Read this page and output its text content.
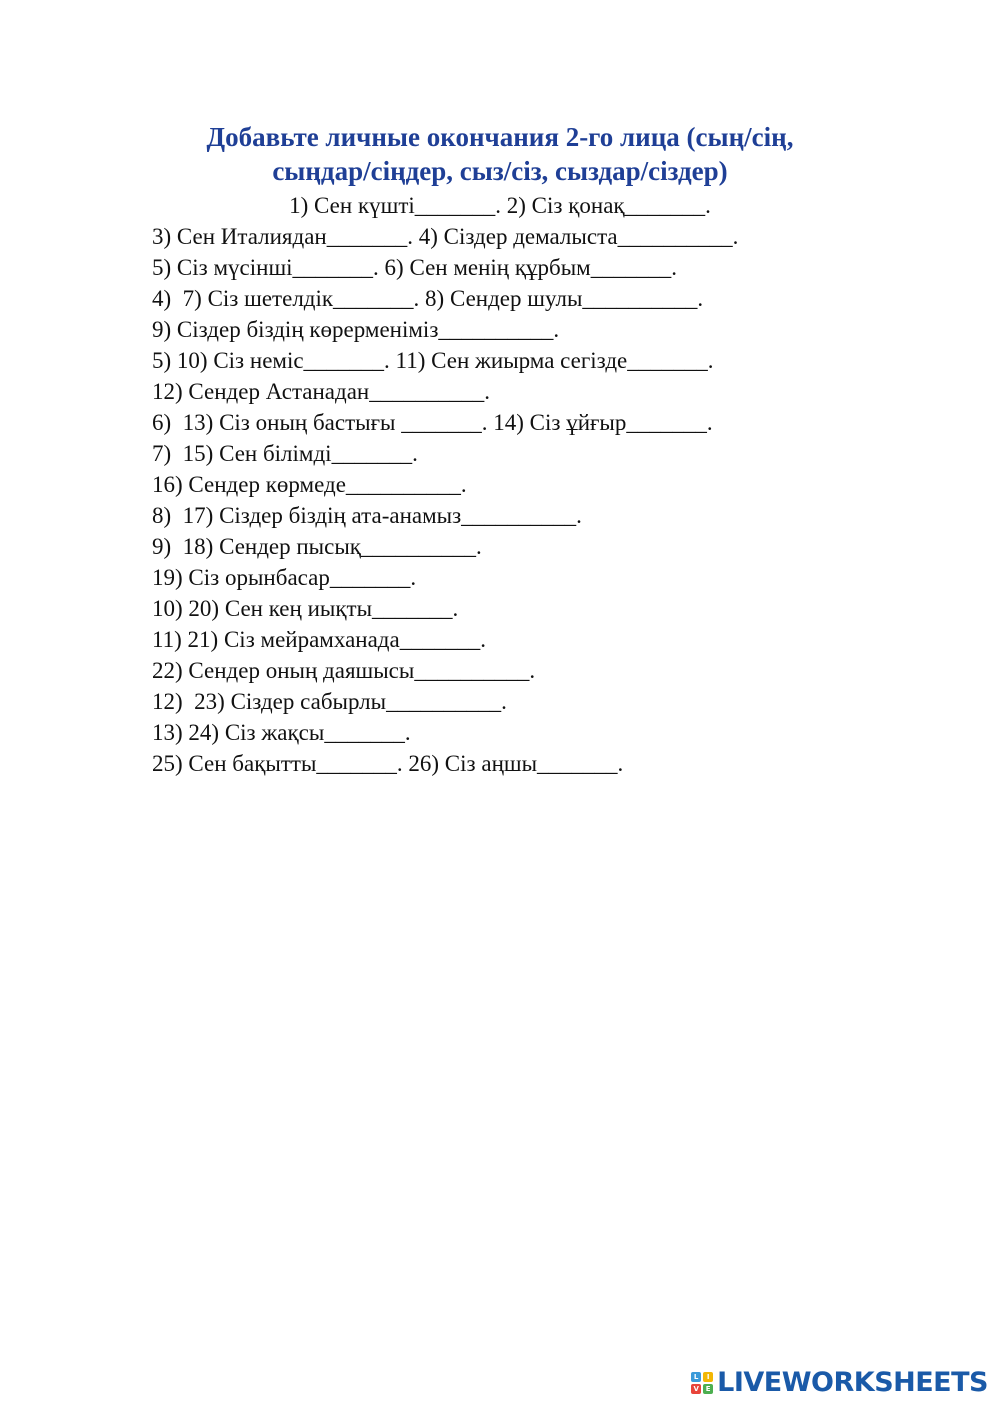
Добавьте личные окончания 2-го лица (сың/сің,
сыңдар/сіңдер, сыз/сіз, сыздар/сіздер)
1) Сен күшті_______. 2) Сіз қонақ_______.
3) Сен Италиядан_______. 4) Сіздер демалыста__________.
5) Сіз мүсінші_______. 6) Сен менің құрбым_______.
4)  7) Сіз шетелдік_______. 8) Сендер шулы__________.
9) Сіздер біздің көрерменіміз__________.
5) 10) Сіз неміс_______. 11) Сен жиырма сегізде_______.
12) Сендер Астанадан__________.
6)  13) Сіз оның бастығы _______. 14) Сіз ұйғыр_______.
7)  15) Сен білімді_______.
16) Сендер көрмеде__________.
8)  17) Сіздер біздің ата-анамыз__________.
9)  18) Сендер пысық__________.
19) Сіз орынбасар_______.
10) 20) Сен кең иықты_______.
11) 21) Сіз мейрамханада_______.
22) Сендер оның даяшысы__________.
12)  23) Сіздер сабырлы__________.
13) 24) Сіз жақсы_______.
25) Сен бақытты_______. 26) Сіз аңшы_______.
L	I
V E LIVEWORKSHEETS
